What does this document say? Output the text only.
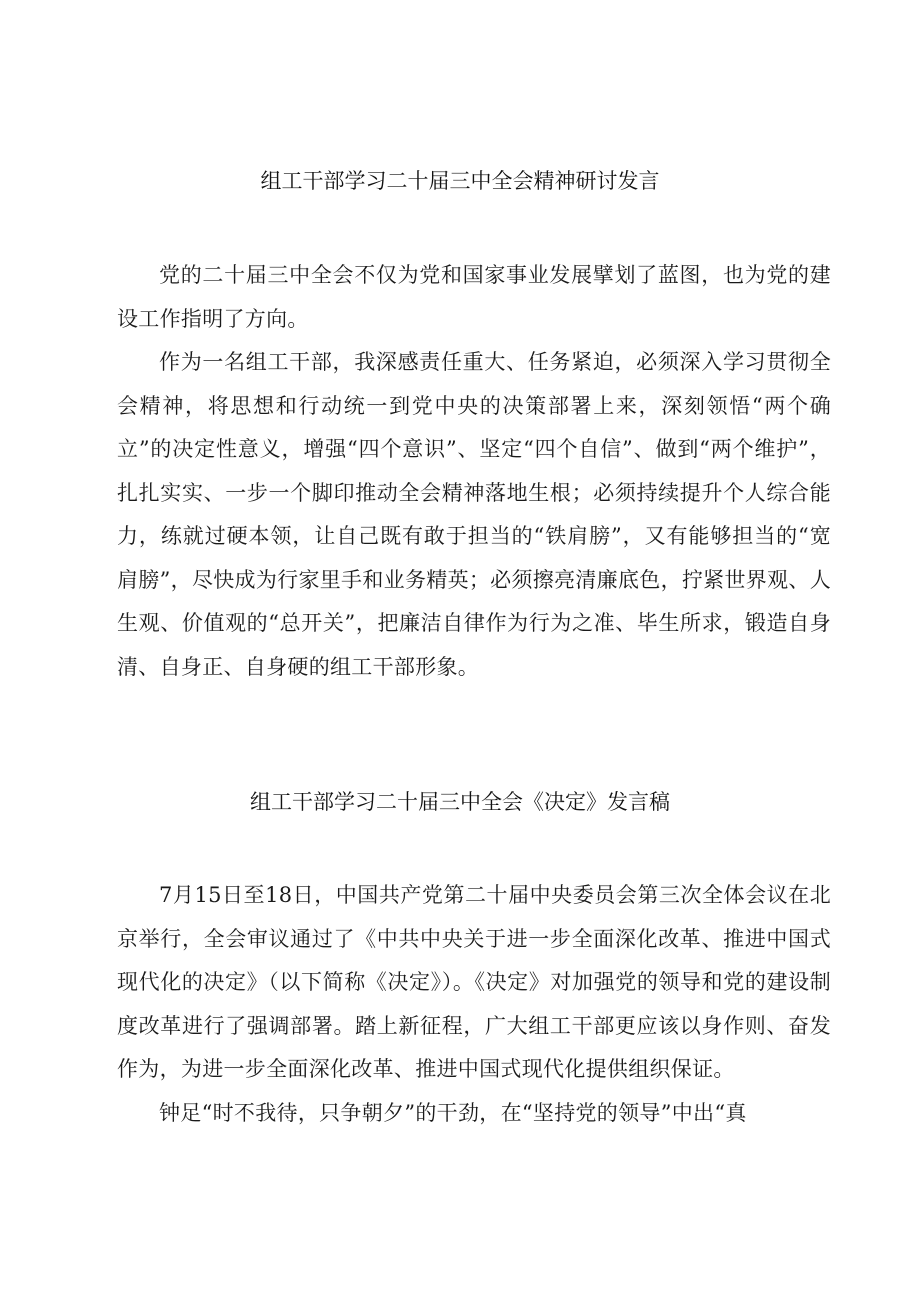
组工干部学习二十届三中全会精神研讨发言

党的二十届三中全会不仅为党和国家事业发展擘划了蓝图，也为党的建设工作指明了方向。

作为一名组工干部，我深感责任重大、任务紧迫，必须深入学习贯彻全会精神，将思想和行动统一到党中央的决策部署上来，深刻领悟“两个确立”的决定性意义，增强“四个意识”、坚定“四个自信”、做到“两个维护”，扎扎实实、一步一个脚印推动全会精神落地生根；必须持续提升个人综合能力，练就过硬本领，让自己既有敢于担当的“铁肩膀”，又有能够担当的“宽肩膀”，尽快成为行家里手和业务精英；必须擦亮清廉底色，拧紧世界观、人生观、价值观的“总开关”，把廉洁自律作为行为之准、毕生所求，锻造自身清、自身正、自身硬的组工干部形象。

组工干部学习二十届三中全会《决定》发言稿

7月15日至18日，中国共产党第二十届中央委员会第三次全体会议在北京举行，全会审议通过了《中共中央关于进一步全面深化改革、推进中国式现代化的决定》（以下简称《决定》）。《决定》对加强党的领导和党的建设制度改革进行了强调部署。踏上新征程，广大组工干部更应该以身作则、奋发作为，为进一步全面深化改革、推进中国式现代化提供组织保证。

钟足“时不我待，只争朝夕”的干劲，在“坚持党的领导”中出“真
